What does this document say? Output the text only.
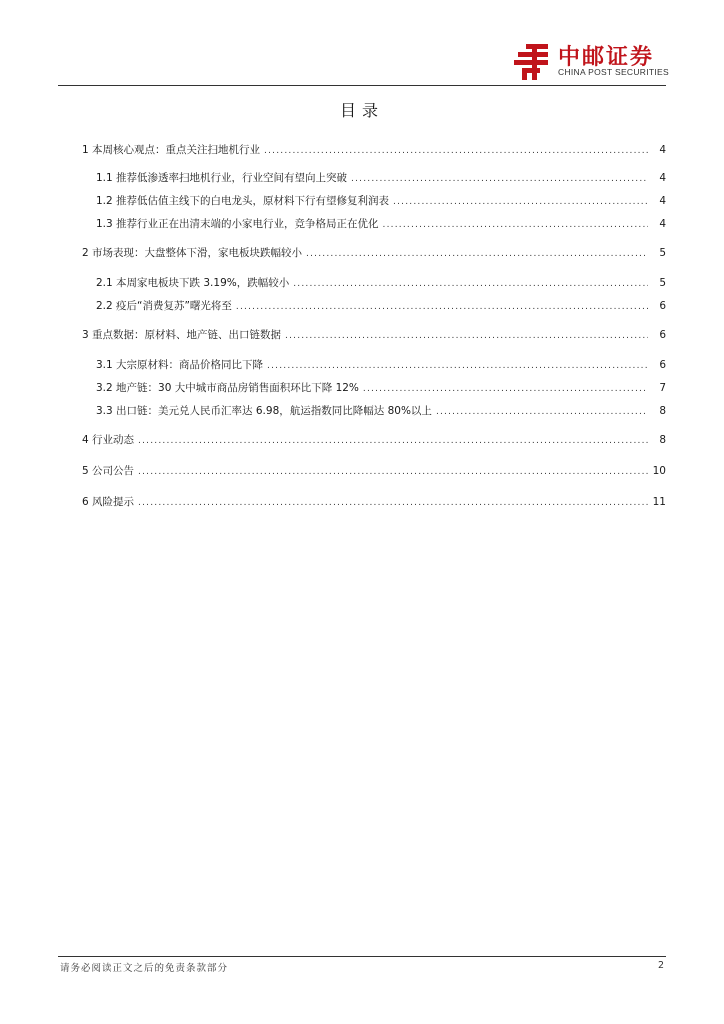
中邮证券
CHINA POST SECURITIES
目录
1 本周核心观点：重点关注扫地机行业 .....	4
1.1 推荐低渗透率扫地机行业，行业空间有望向上突破 .....	4
1.2 推荐低估值主线下的白电龙头，原材料下行有望修复利润表 .....	4
1.3 推荐行业正在出清末端的小家电行业，竞争格局正在优化 .....	4
2 市场表现：大盘整体下滑，家电板块跌幅较小 .....	5
2.1 本周家电板块下跌 3.19%，跌幅较小 .....	5
2.2 疫后“消费复苏”曙光将至 .....	6
3 重点数据：原材料、地产链、出口链数据 .....	6
3.1 大宗原材料：商品价格同比下降 .....	6
3.2 地产链：30 大中城市商品房销售面积环比下降 12% .....	7
3.3 出口链：美元兑人民币汇率达 6.98，航运指数同比降幅达 80%以上 .....	8
4 行业动态 .....	8
5 公司公告 .....	10
6 风险提示 .....	11
请务必阅读正文之后的免责条款部分	2
